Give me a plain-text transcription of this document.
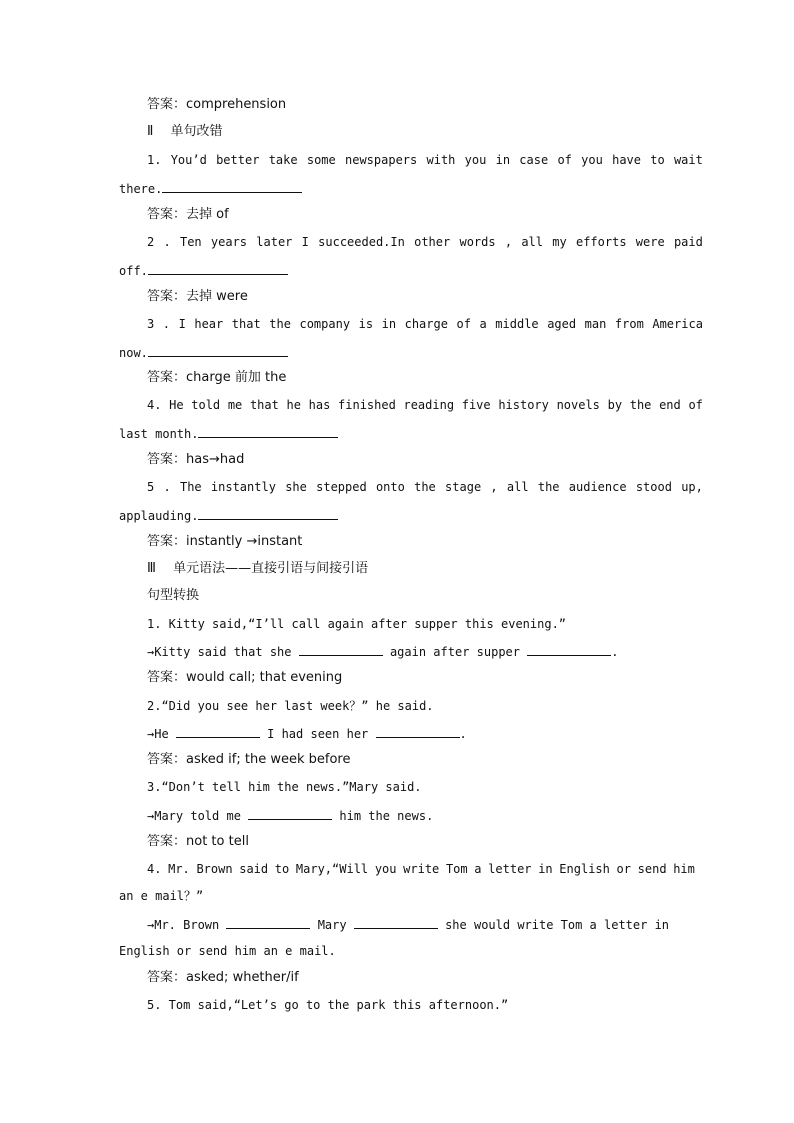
答案：comprehension
Ⅱ　 单句改错
1. You’d better take some newspapers with you in case of you have to wait
there.
答案：去掉 of
2 . Ten years later I succeeded.In other words , all my efforts were paid
off.
答案：去掉 were
3 . I hear that the company is in charge of a middle aged man from America
now.
答案：charge 前加 the
4. He told me that he has finished reading five history novels by the end of
last month.
答案：has→had
5 . The instantly she stepped onto the stage , all the audience stood up,
applauding.
答案：instantly →instant
Ⅲ　 单元语法——直接引语与间接引语
句型转换
1. Kitty said,“I’ll call again after supper this evening.”
→Kitty said that she	again after supper	.
答案：would call; that evening
2.“Did you see her last week？” he said.
→He	I had seen her	.
答案：asked if; the week before
3.“Don’t tell him the news.”Mary said.
→Mary told me	him the news.
答案：not to tell
4. Mr. Brown said to Mary,“Will you write Tom a letter in English or send him
an e mail？”
→Mr. Brown	Mary	she would write Tom a letter in
English or send him an e mail.
答案：asked; whether/if
5. Tom said,“Let’s go to the park this afternoon.”
